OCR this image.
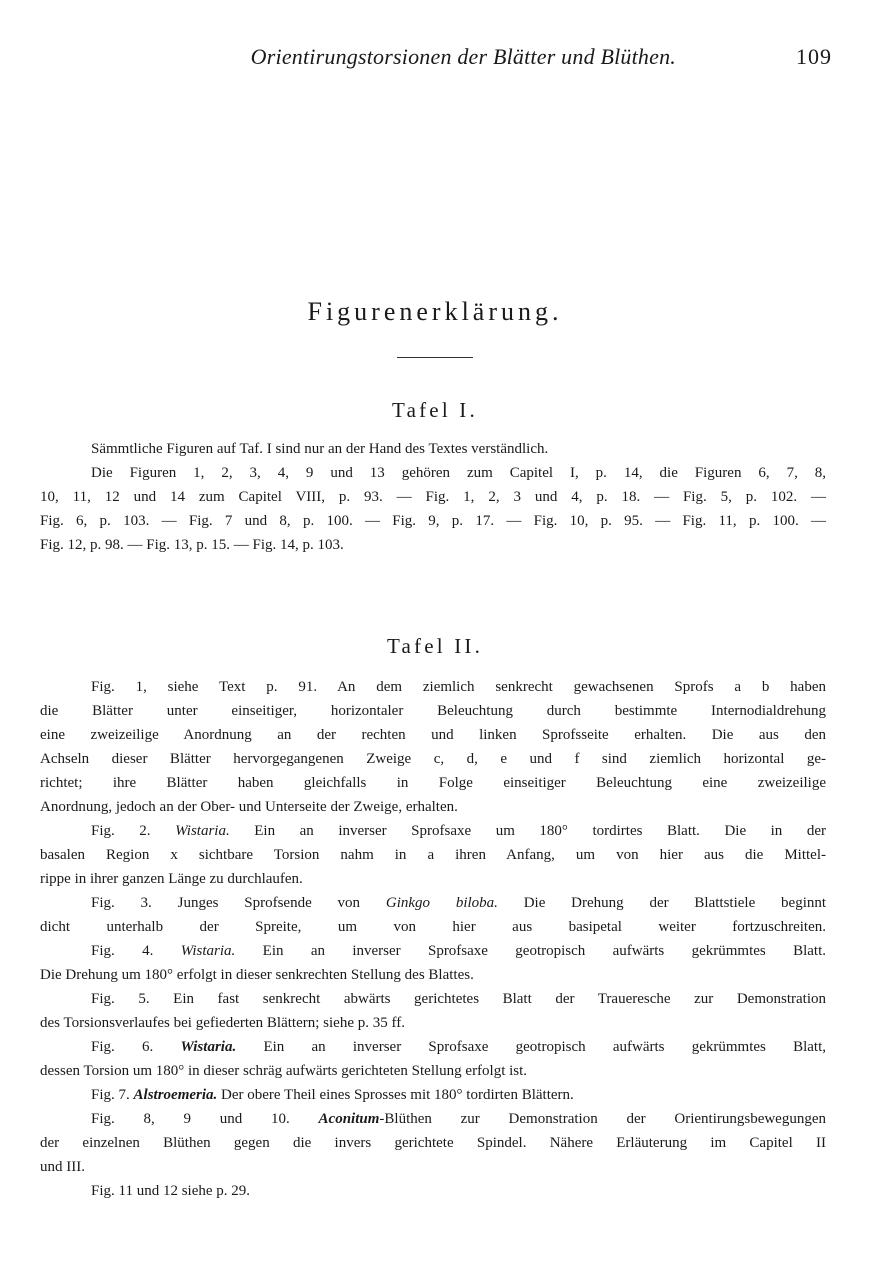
Orientirungstorsionen der Blätter und Blüthen.	109
Figurenerklärung.
Tafel I.
Sämmtliche Figuren auf Taf. I sind nur an der Hand des Textes verständlich.
Die Figuren 1, 2, 3, 4, 9 und 13 gehören zum Capitel I, p. 14, die Figuren 6, 7, 8,
10, 11, 12 und 14 zum Capitel VIII, p. 93. — Fig. 1, 2, 3 und 4, p. 18. — Fig. 5, p. 102. —
Fig. 6, p. 103. — Fig. 7 und 8, p. 100. — Fig. 9, p. 17. — Fig. 10, p. 95. — Fig. 11, p. 100. —
Fig. 12, p. 98. — Fig. 13, p. 15. — Fig. 14, p. 103.
Tafel II.
Fig. 1, siehe Text p. 91. An dem ziemlich senkrecht gewachsenen Sprofs a b haben
die Blätter unter einseitiger, horizontaler Beleuchtung durch bestimmte Internodialdrehung
eine zweizeilige Anordnung an der rechten und linken Sprofsseite erhalten. Die aus den
Achseln dieser Blätter hervorgegangenen Zweige c, d, e und f sind ziemlich horizontal ge-
richtet; ihre Blätter haben gleichfalls in Folge einseitiger Beleuchtung eine zweizeilige
Anordnung, jedoch an der Ober- und Unterseite der Zweige, erhalten.
Fig. 2. Wistaria. Ein an inverser Sprofsaxe um 180° tordirtes Blatt. Die in der
basalen Region x sichtbare Torsion nahm in a ihren Anfang, um von hier aus die Mittel-
rippe in ihrer ganzen Länge zu durchlaufen.
Fig. 3. Junges Sprofsende von Ginkgo biloba. Die Drehung der Blattstiele beginnt
dicht unterhalb der Spreite, um von hier aus basipetal weiter fortzuschreiten.
Fig. 4. Wistaria. Ein an inverser Sprofsaxe geotropisch aufwärts gekrümmtes Blatt.
Die Drehung um 180° erfolgt in dieser senkrechten Stellung des Blattes.
Fig. 5. Ein fast senkrecht abwärts gerichtetes Blatt der Traueresche zur Demonstration
des Torsionsverlaufes bei gefiederten Blättern; siehe p. 35 ff.
Fig. 6. Wistaria. Ein an inverser Sprofsaxe geotropisch aufwärts gekrümmtes Blatt,
dessen Torsion um 180° in dieser schräg aufwärts gerichteten Stellung erfolgt ist.
Fig. 7. Alstroemeria. Der obere Theil eines Sprosses mit 180° tordirten Blättern.
Fig. 8, 9 und 10. Aconitum-Blüthen zur Demonstration der Orientirungsbewegungen
der einzelnen Blüthen gegen die invers gerichtete Spindel. Nähere Erläuterung im Capitel II
und III.
Fig. 11 und 12 siehe p. 29.
